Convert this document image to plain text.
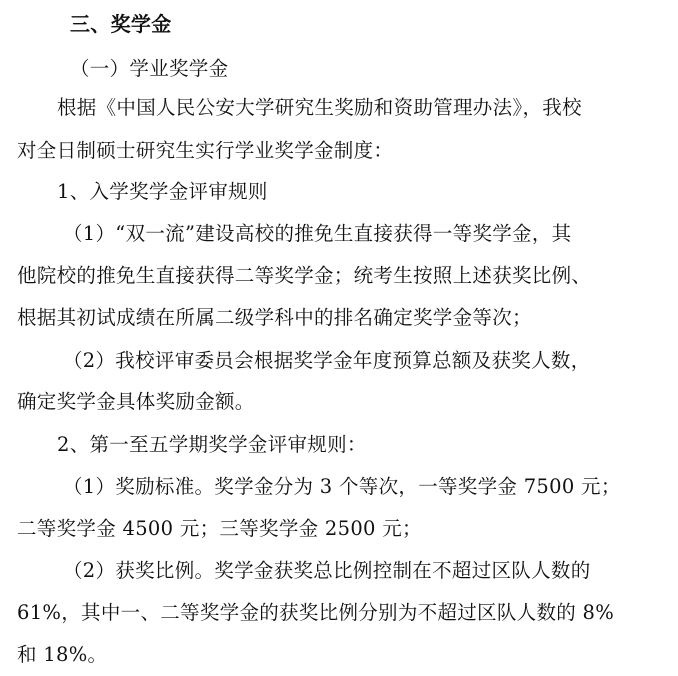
三、奖学金
（一）学业奖学金
根据《中国人民公安大学研究生奖励和资助管理办法》，我校
对全日制硕士研究生实行学业奖学金制度：
1、入学奖学金评审规则
（1）“双一流”建设高校的推免生直接获得一等奖学金，其
他院校的推免生直接获得二等奖学金；统考生按照上述获奖比例、
根据其初试成绩在所属二级学科中的排名确定奖学金等次；
（2）我校评审委员会根据奖学金年度预算总额及获奖人数，
确定奖学金具体奖励金额。
2、第一至五学期奖学金评审规则：
（1）奖励标准。奖学金分为 3 个等次，一等奖学金 7500 元；
二等奖学金 4500 元；三等奖学金 2500 元；
（2）获奖比例。奖学金获奖总比例控制在不超过区队人数的
61%，其中一、二等奖学金的获奖比例分别为不超过区队人数的 8%
和 18%。
